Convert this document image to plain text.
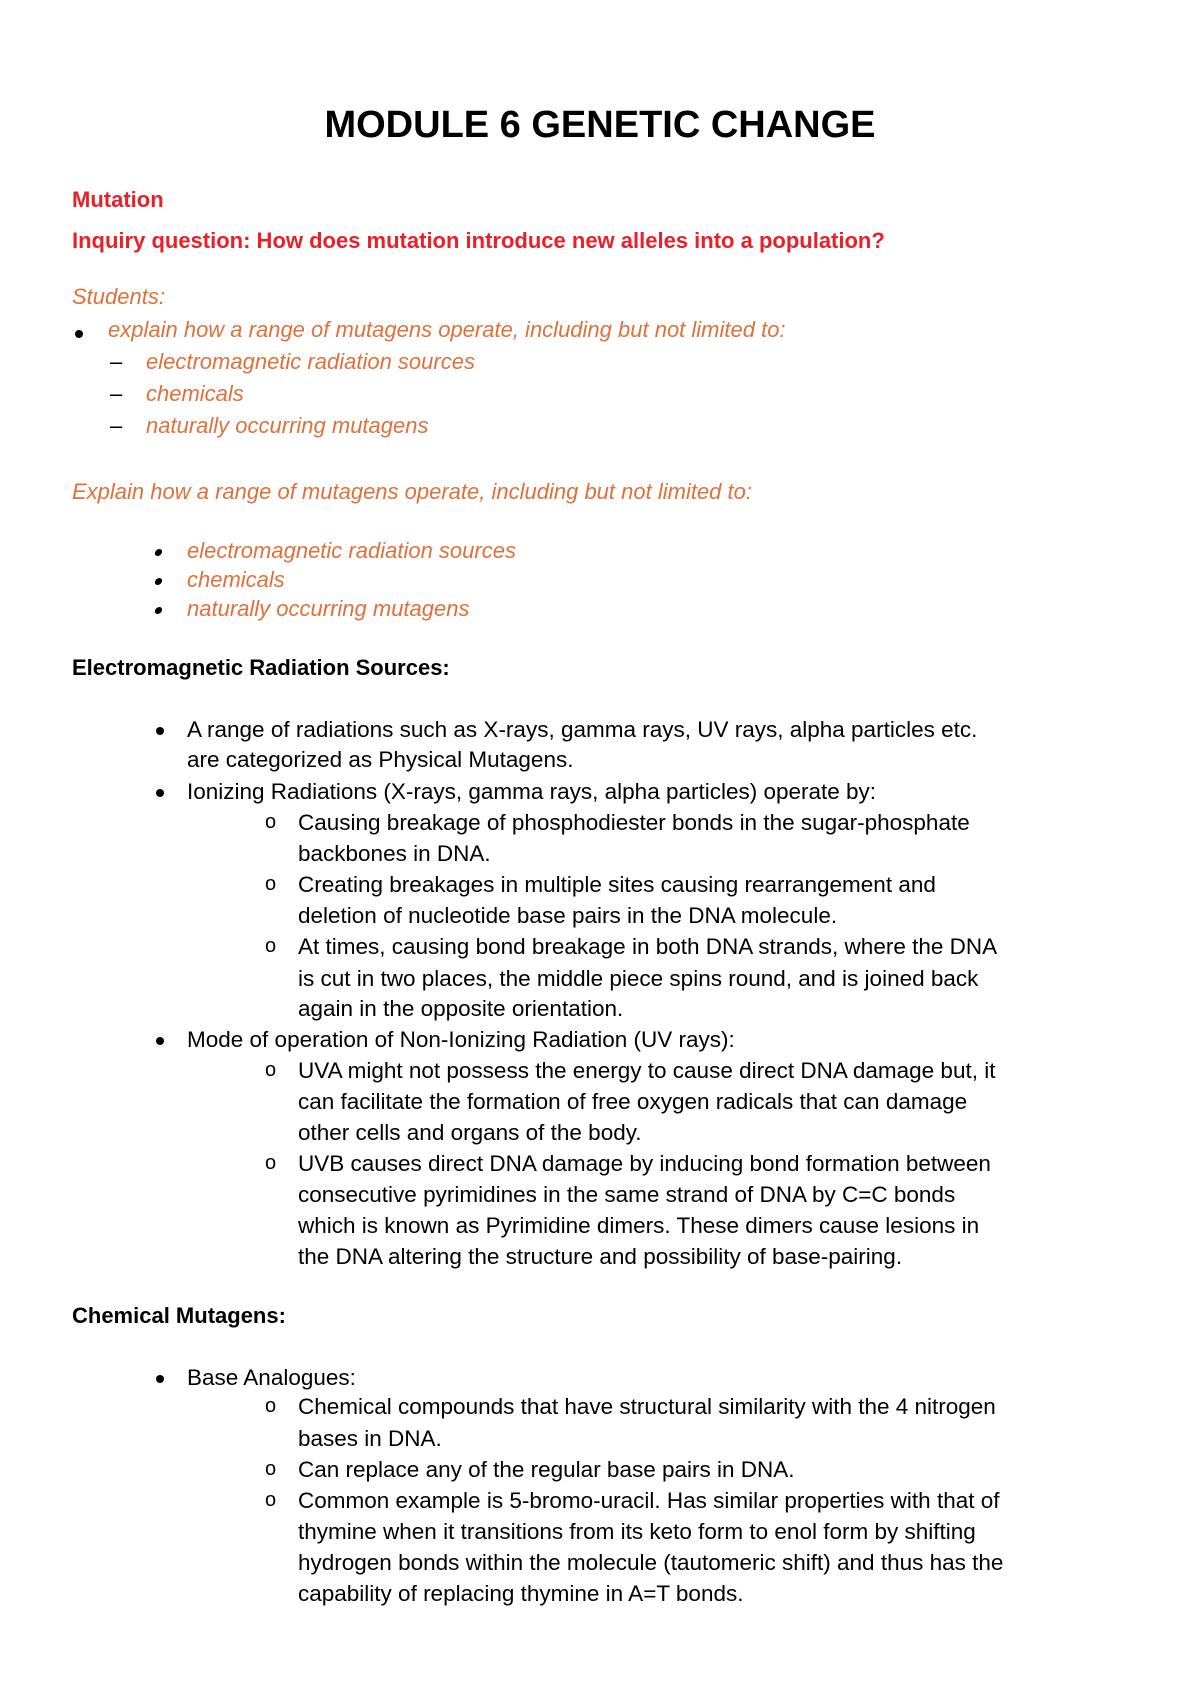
MODULE 6 GENETIC CHANGE

Mutation

Inquiry question: How does mutation introduce new alleles into a population?

Students:

explain how a range of mutagens operate, including but not limited to:

– electromagnetic radiation sources

– chemicals

– naturally occurring mutagens

Explain how a range of mutagens operate, including but not limited to:

electromagnetic radiation sources

chemicals

naturally occurring mutagens

Electromagnetic Radiation Sources:

A range of radiations such as X-rays, gamma rays, UV rays, alpha particles etc.

are categorized as Physical Mutagens.

Ionizing Radiations (X-rays, gamma rays, alpha particles) operate by:

o Causing breakage of phosphodiester bonds in the sugar-phosphate

backbones in DNA.

o Creating breakages in multiple sites causing rearrangement and

deletion of nucleotide base pairs in the DNA molecule.

o At times, causing bond breakage in both DNA strands, where the DNA

is cut in two places, the middle piece spins round, and is joined back

again in the opposite orientation.

Mode of operation of Non-Ionizing Radiation (UV rays):

o UVA might not possess the energy to cause direct DNA damage but, it

can facilitate the formation of free oxygen radicals that can damage

other cells and organs of the body.

o UVB causes direct DNA damage by inducing bond formation between

consecutive pyrimidines in the same strand of DNA by C=C bonds

which is known as Pyrimidine dimers. These dimers cause lesions in

the DNA altering the structure and possibility of base-pairing.

Chemical Mutagens:

Base Analogues:

o Chemical compounds that have structural similarity with the 4 nitrogen

bases in DNA.

o Can replace any of the regular base pairs in DNA.

o Common example is 5-bromo-uracil. Has similar properties with that of

thymine when it transitions from its keto form to enol form by shifting

hydrogen bonds within the molecule (tautomeric shift) and thus has the

capability of replacing thymine in A=T bonds.
